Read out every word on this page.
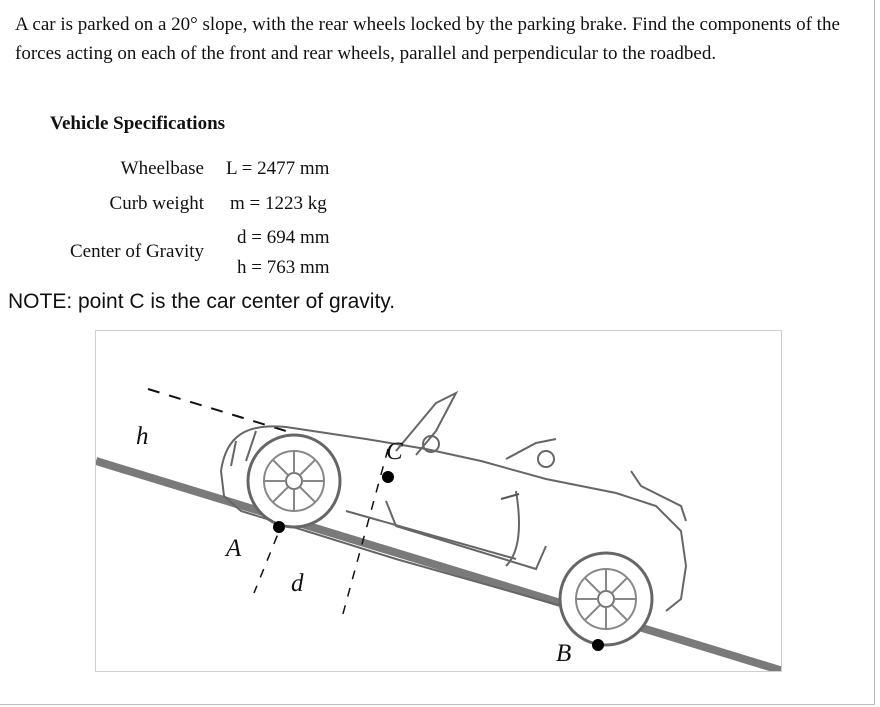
A car is parked on a 20° slope, with the rear wheels locked by the parking brake. Find the components of the forces acting on each of the front and rear wheels, parallel and perpendicular to the roadbed.
Vehicle Specifications
Wheelbase L = 2477 mm
Curb weight m = 1223 kg
Center of Gravity
d = 694 mm
h = 763 mm
NOTE: point C is the car center of gravity.
h
A
d
C
B
